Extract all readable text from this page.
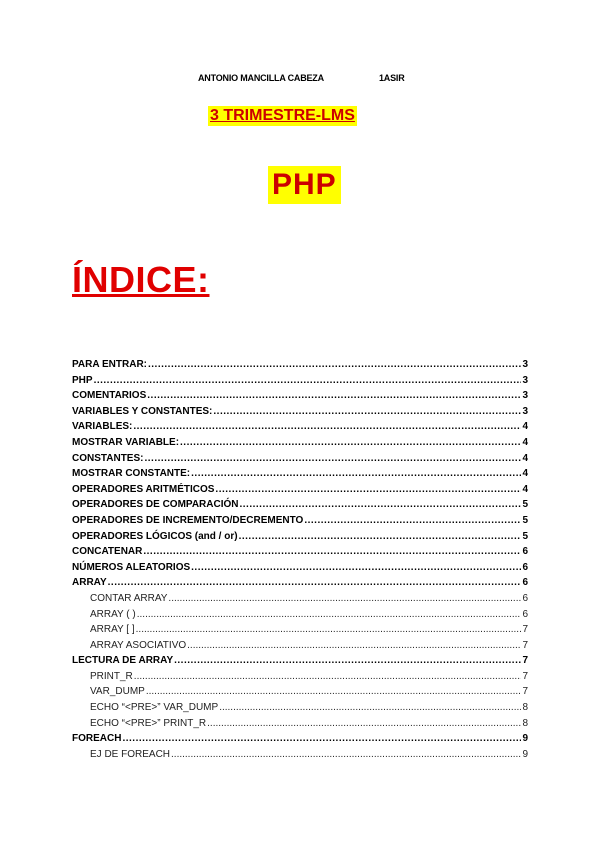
ANTONIO MANCILLA CABEZA	1ASIR
3 TRIMESTRE-LMS
PHP
ÍNDICE:
PARA ENTRAR: .....	3
PHP .....	3
COMENTARIOS .....	3
VARIABLES Y CONSTANTES: .....	3
VARIABLES: .....	4
MOSTRAR VARIABLE: .....	4
CONSTANTES: .....	4
MOSTRAR CONSTANTE: .....	4
OPERADORES ARITMÉTICOS .....	4
OPERADORES DE COMPARACIÓN .....	5
OPERADORES DE INCREMENTO/DECREMENTO .....	5
OPERADORES LÓGICOS (and / or) .....	5
CONCATENAR .....	6
NÚMEROS ALEATORIOS .....	6
ARRAY .....	6
CONTAR ARRAY .....	6
ARRAY ( ) .....	6
ARRAY [ ] .....	7
ARRAY ASOCIATIVO .....	7
LECTURA DE ARRAY .....	7
PRINT_R .....	7
VAR_DUMP .....	7
ECHO “<PRE>” VAR_DUMP .....	8
ECHO “<PRE>” PRINT_R .....	8
FOREACH .....	9
EJ DE FOREACH .....	9
